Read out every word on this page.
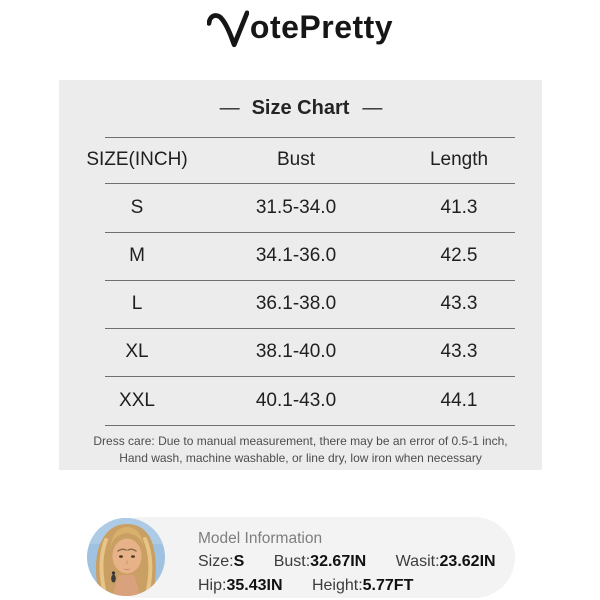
otePretty
— Size Chart —
SIZE(INCH)	Bust	Length
S	31.5-34.0	41.3
M	34.1-36.0	42.5
L	36.1-38.0	43.3
XL	38.1-40.0	43.3
XXL	40.1-43.0	44.1
Dress care: Due to manual measurement, there may be an error of 0.5-1 inch,
Hand wash, machine washable, or line dry, low iron when necessary
Model Information
Size:S Bust:32.67IN Wasit:23.62IN
Hip:35.43IN Height:5.77FT
